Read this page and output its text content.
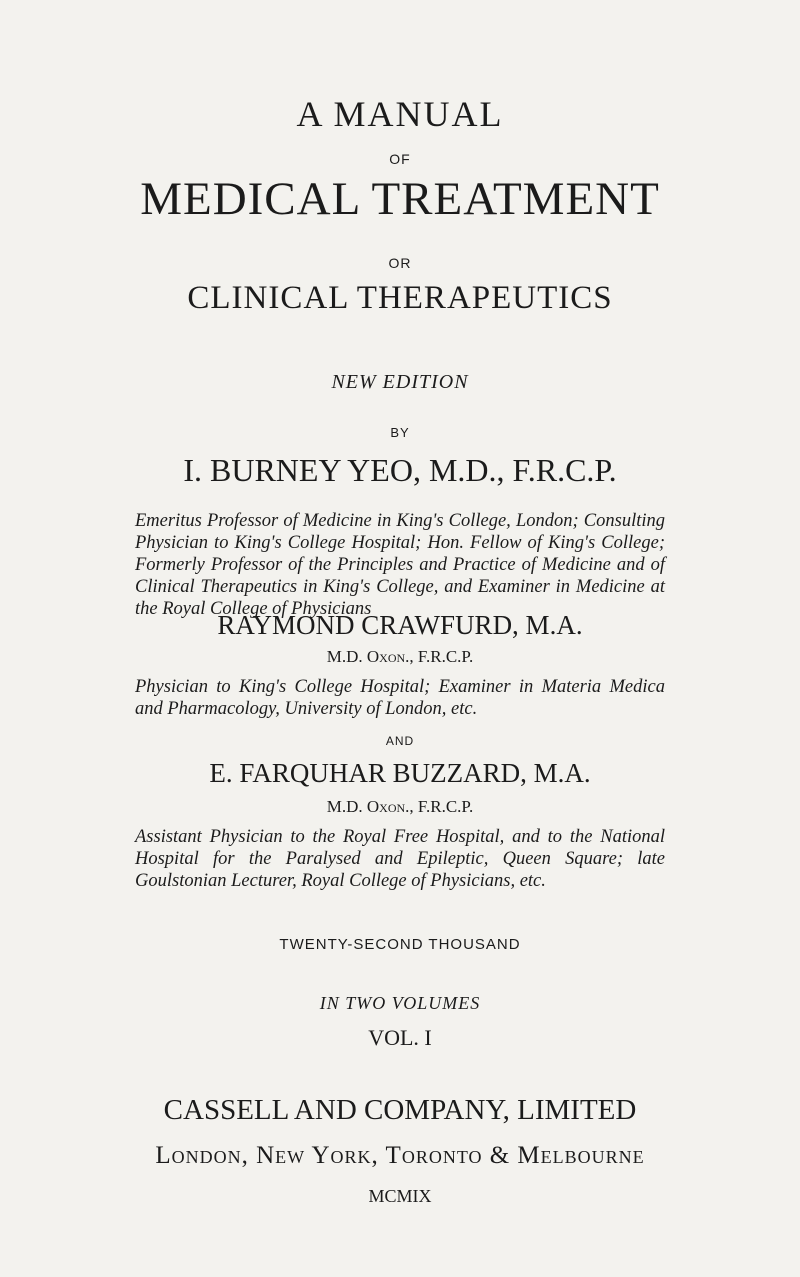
A MANUAL
OF
MEDICAL TREATMENT
OR
CLINICAL THERAPEUTICS
NEW EDITION
BY
I. BURNEY YEO, M.D., F.R.C.P.
Emeritus Professor of Medicine in King's College, London; Consulting Physician to King's College Hospital; Hon. Fellow of King's College; Formerly Professor of the Principles and Practice of Medicine and of Clinical Therapeutics in King's College, and Examiner in Medicine at the Royal College of Physicians
RAYMOND CRAWFURD, M.A.
M.D. Oxon., F.R.C.P.
Physician to King's College Hospital; Examiner in Materia Medica and Pharmacology, University of London, etc.
AND
E. FARQUHAR BUZZARD, M.A.
M.D. Oxon., F.R.C.P.
Assistant Physician to the Royal Free Hospital, and to the National Hospital for the Paralysed and Epileptic, Queen Square; late Goulstonian Lecturer, Royal College of Physicians, etc.
TWENTY-SECOND THOUSAND
IN TWO VOLUMES
VOL. I
CASSELL AND COMPANY, LIMITED
London, New York, Toronto & Melbourne
MCMIX
